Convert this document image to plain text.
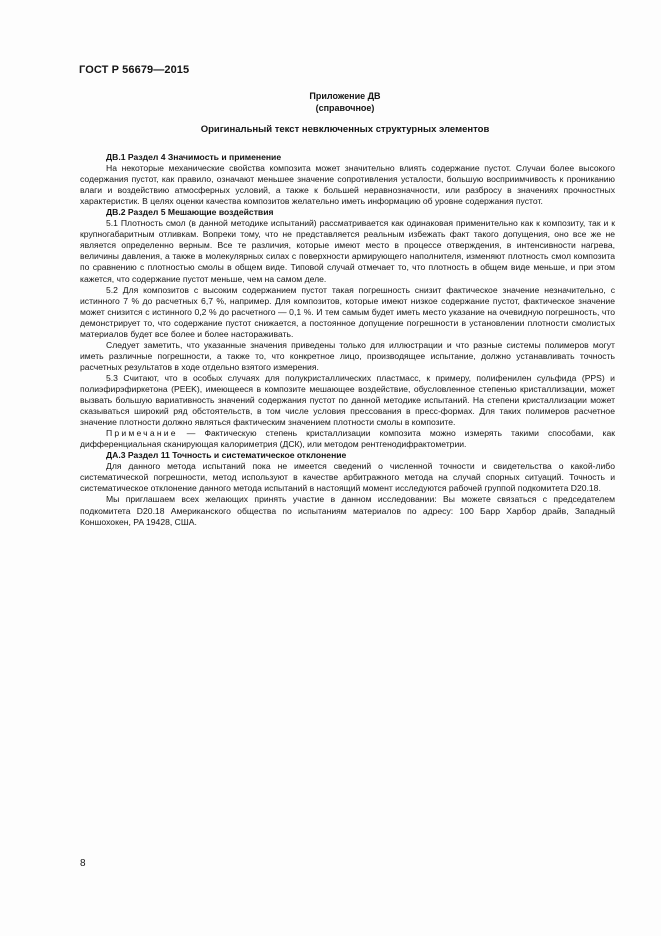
ГОСТ Р 56679—2015
Приложение ДВ
(справочное)
Оригинальный текст невключенных структурных элементов
ДВ.1 Раздел 4 Значимость и применение

На некоторые механические свойства композита может значительно влиять содержание пустот. Случаи более высокого содержания пустот, как правило, означают меньшее значение сопротивления усталости, большую восприимчивость к проникaнию влаги и воздействию атмосферных условий, а также к большей неравнозначности, или разбросу в значениях прочностных характеристик. В целях оценки качества композитов желательно иметь информацию об уровне содержания пустот.

ДВ.2 Раздел 5 Мешающие воздействия

5.1 Плотность смол (в данной методике испытаний) рассматривается как одинаковая применительно как к композиту, так и к крупногабаритным отливкам. Вопреки тому, что не представляется реальным избежать факт такого допущения, оно все же не является определенно верным. Все те различия, которые имеют место в процессе отверждения, в интенсивности нагрева, величины давления, а также в молекулярных силах с поверхности армирующего наполнителя, изменяют плотность смол композита по сравнению с плотностью смолы в общем виде. Типовой случай отмечает то, что плотность в общем виде меньше, и при этом кажется, что содержание пустот меньше, чем на самом деле.

5.2 Для композитов с высоким содержанием пустот такая погрешность снизит фактическое значение незначительно, с истинного 7 % до расчетных 6,7 %, например. Для композитов, которые имеют низкое содержание пустот, фактическое значение может снизится с истинного 0,2 % до расчетного — 0,1 %. И тем самым будет иметь место указание на очевидную погрешность, что демонстрирует то, что содержание пустот снижается, а постоянное допущение погрешности в установлении плотности смолистых материалов будет все более и более настораживать.

Следует заметить, что указанные значения приведены только для иллюстрации и что разные системы полимеров могут иметь различные погрешности, а также то, что конкретное лицо, производящее испытание, должно устанавливать точность расчетных результатов в ходе отдельно взятого измерения.

5.3 Считают, что в особых случаях для полукристаллических пластмасс, к примеру, полифенилен сульфида (PPS) и полиэфирэфиркетона (PEEK), имеющееся в композите мешающее воздействие, обусловленное степенью кристаллизации, может вызвать большую вариативность значений содержания пустот по данной методике испытаний. На степени кристаллизации может сказываться широкий ряд обстоятельств, в том числе условия прессования в пресс-формах. Для таких полимеров расчетное значение плотности должно являться фактическим значением плотности смолы в композите.

Примечание — Фактическую степень кристаллизации композита можно измерять такими способами, как дифференциальная сканирующая калориметрия (ДСК), или методом рентгенодифрактометрии.

ДА.3 Раздел 11 Точность и систематическое отклонение

Для данного метода испытаний пока не имеется сведений о численной точности и свидетельства о какой-либо систематической погрешности, метод используют в качестве арбитражного метода на случай спорных ситуаций. Точность и систематическое отклонение данного метода испытаний в настоящий момент исследуются рабочей группой подкомитета D20.18.

Мы приглашаем всех желающих принять участие в данном исследовании: Вы можете связаться с председателем подкомитета D20.18 Американского общества по испытаниям материалов по адресу: 100 Барр Харбор драйв, Западный Коншохокен, PA 19428, США.

8
